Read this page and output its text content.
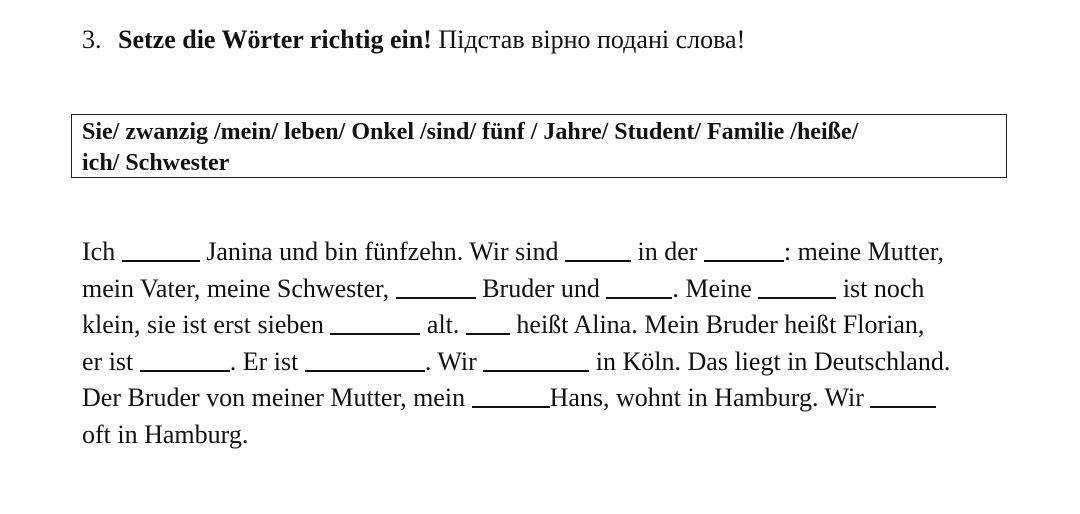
3. Setze die Wörter richtig ein! Підстав вірно подані слова!
Sie/ zwanzig /mein/ leben/ Onkel /sind/ fünf / Jahre/ Student/ Familie /heiße/
ich/ Schwester
Ich	Janina und bin fünfzehn. Wir sind	in der	: meine Mutter,
mein Vater, meine Schwester,	Bruder und	. Meine	ist noch
klein, sie ist erst sieben	alt. heißt Alina. Mein Bruder heißt Florian,
er ist	. Er ist	. Wir	in Köln. Das liegt in Deutschland.
Der Bruder von meiner Mutter, mein	Hans, wohnt in Hamburg. Wir
oft in Hamburg.
